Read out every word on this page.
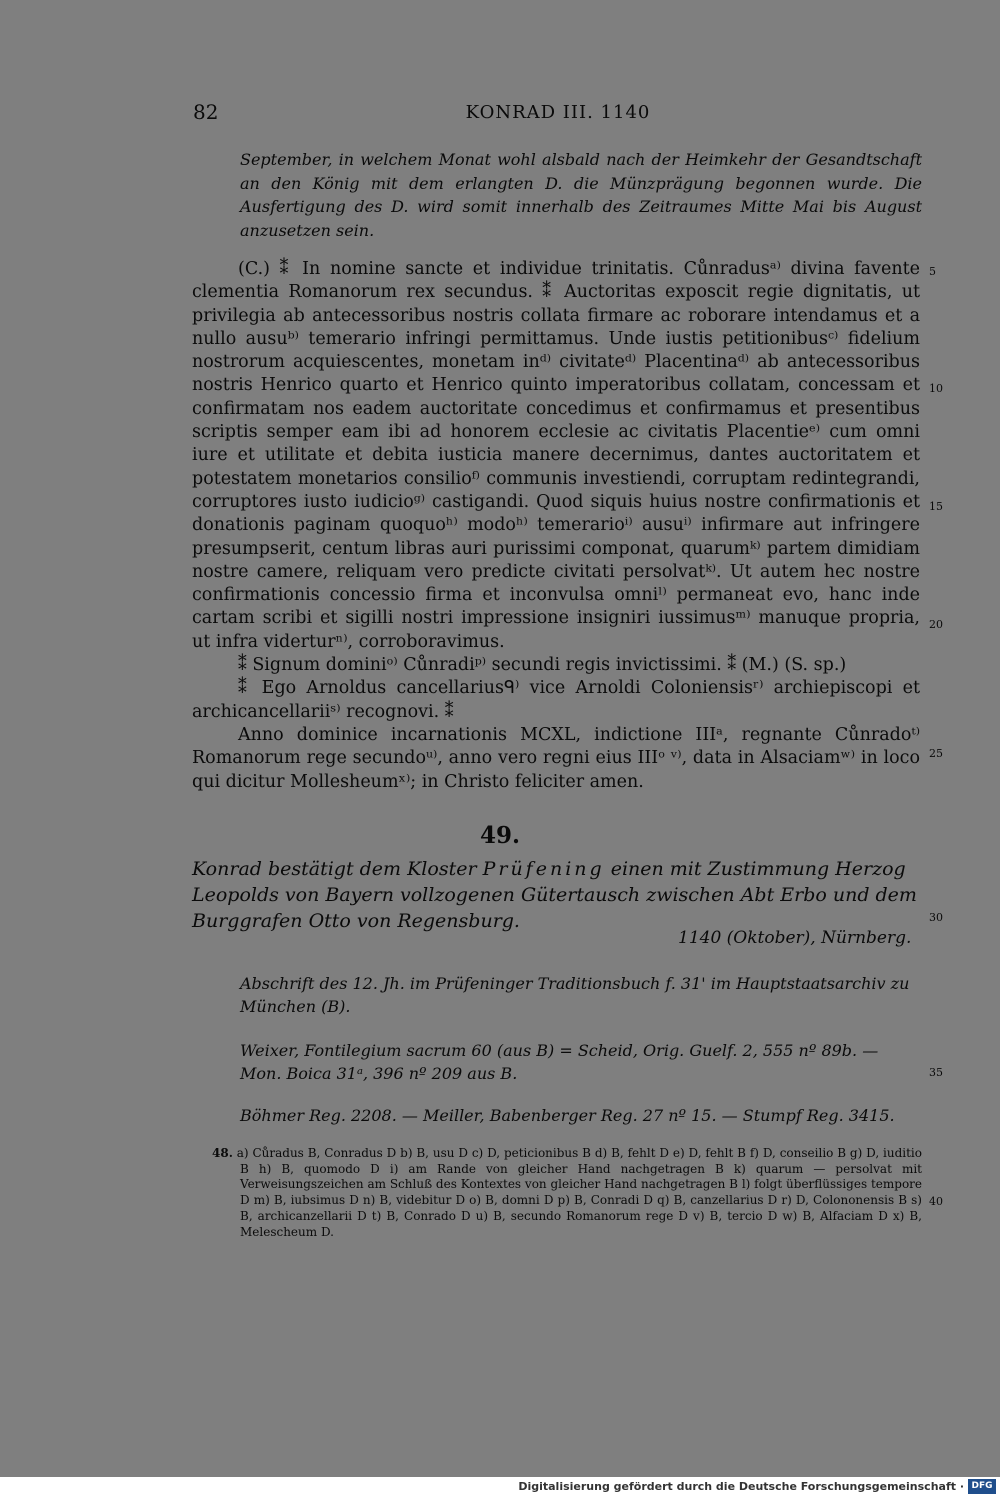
82	KONRAD III. 1140
September, in welchem Monat wohl alsbald nach der Heimkehr der Gesandtschaft an den König mit dem erlangten D. die Münzprägung begonnen wurde. Die Ausfertigung des D. wird somit innerhalb des Zeitraumes Mitte Mai bis August anzusetzen sein.

(C.) ⁑ In nomine sancte et individue trinitatis. Cůnradusᵃ⁾ divina favente clementia Romanorum rex secundus. ⁑ Auctoritas exposcit regie dignitatis, ut privilegia ab antecessoribus nostris collata firmare ac roborare intendamus et a nullo ausuᵇ⁾ temerario infringi permittamus. Unde iustis petitionibusᶜ⁾ fidelium nostrorum acquiescentes, monetam inᵈ⁾ civitateᵈ⁾ Placentinaᵈ⁾ ab antecessoribus nostris Henrico quarto et Henrico quinto imperatoribus collatam, concessam et confirmatam nos eadem auctoritate concedimus et confirmamus et presentibus scriptis semper eam ibi ad honorem ecclesie ac civitatis Placentieᵉ⁾ cum omni iure et utilitate et debita iusticia manere decernimus, dantes auctoritatem et potestatem monetarios consilioᶠ⁾ communis investiendi, corruptam redintegrandi, corruptores iusto iudicioᵍ⁾ castigandi. Quod siquis huius nostre confirmationis et donationis paginam quoquoʰ⁾ modoʰ⁾ temerarioⁱ⁾ ausuⁱ⁾ infirmare aut infringere presumpserit, centum libras auri purissimi componat, quarumᵏ⁾ partem dimidiam nostre camere, reliquam vero predicte civitati persolvatᵏ⁾. Ut autem hec nostre confirmationis concessio firma et inconvulsa omniˡ⁾ permaneat evo, hanc inde cartam scribi et sigilli nostri impressione insigniri iussimusᵐ⁾ manuque propria, ut infra viderturⁿ⁾, corroboravimus.

⁑ Signum dominiᵒ⁾ Cůnradiᵖ⁾ secundi regis invictissimi. ⁑ (M.) (S. sp.)

⁑ Ego Arnoldus cancellariusᑫ⁾ vice Arnoldi Coloniensisʳ⁾ archiepiscopi et archicancellariiˢ⁾ recognovi. ⁑

Anno dominice incarnationis MCXL, indictione IIIᵃ, regnante Cůnradoᵗ⁾ Romanorum rege secundoᵘ⁾, anno vero regni eius IIIᵒ ᵛ⁾, data in Alsaciamʷ⁾ in loco qui dicitur Mollesheumˣ⁾; in Christo feliciter amen.

49.
Konrad bestätigt dem Kloster Prüfening einen mit Zustimmung Herzog Leopolds von Bayern vollzogenen Gütertausch zwischen Abt Erbo und dem Burggrafen Otto von Regensburg.
1140 (Oktober), Nürnberg.
Abschrift des 12. Jh. im Prüfeninger Traditionsbuch f. 31' im Hauptstaatsarchiv zu München (B).
Weixer, Fontilegium sacrum 60 (aus B) = Scheid, Orig. Guelf. 2, 555 nº 89b. — Mon. Boica 31ᵃ, 396 nº 209 aus B.
Böhmer Reg. 2208. — Meiller, Babenberger Reg. 27 nº 15. — Stumpf Reg. 3415.
48. a) Cůradus B, Conradus D b) B, usu D c) D, peticionibus B d) B, fehlt D e) D, fehlt B f) D, conseilio B g) D, iuditio B h) B, quomodo D i) am Rande von gleicher Hand nachgetragen B k) quarum — persolvat mit Verweisungszeichen am Schluß des Kontextes von gleicher Hand nachgetragen B l) folgt überflüssiges tempore D m) B, iubsimus D n) B, videbitur D o) B, domni D p) B, Conradi D q) B, canzellarius D r) D, Colononensis B s) B, archicanzellarii D t) B, Conrado D u) B, secundo Romanorum rege D v) B, tercio D w) B, Alfaciam D x) B, Melescheum D.
5
10
15
20
25
30
35
40
Digitalisierung gefördert durch die Deutsche Forschungsgemeinschaft · DFG
